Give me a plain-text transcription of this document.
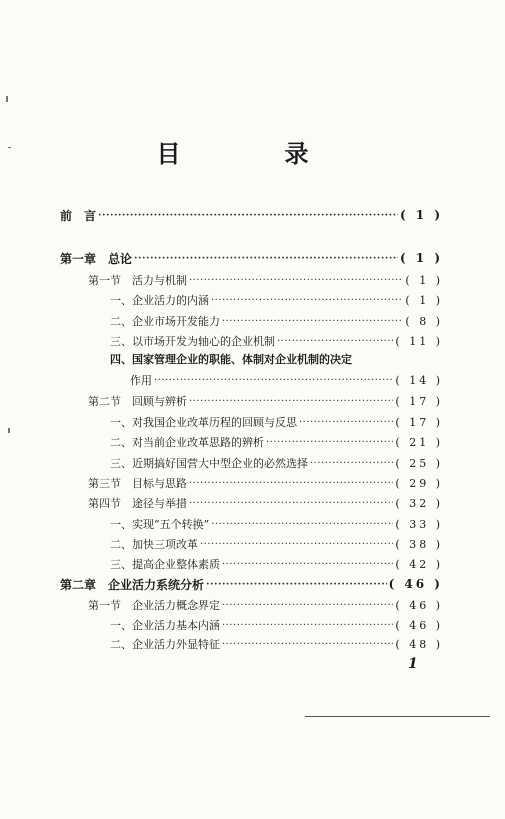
目　录
前　言 ·····	( 1 )
第一章　总论 ·····	( 1 )
第一节　活力与机制 ·····	( 1 )
一、企业活力的内涵 ·····	( 1 )
二、企业市场开发能力 ·····	( 8 )
三、以市场开发为轴心的企业机制 ·····	( 11 )
四、国家管理企业的职能、体制对企业机制的决定
作用 ·····	( 14 )
第二节　回顾与辨析 ·····	( 17 )
一、对我国企业改革历程的回顾与反思 ·····	( 17 )
二、对当前企业改革思路的辨析 ·····	( 21 )
三、近期搞好国营大中型企业的必然选择 ·····	( 25 )
第三节　目标与思路 ·····	( 29 )
第四节　途径与举措 ·····	( 32 )
一、实现“五个转换” ·····	( 33 )
二、加快三项改革 ·····	( 38 )
三、提高企业整体素质 ·····	( 42 )
第二章　企业活力系统分析 ·····	( 46 )
第一节　企业活力概念界定 ·····	( 46 )
一、企业活力基本内涵 ·····	( 46 )
二、企业活力外显特征 ·····	( 48 )
1
